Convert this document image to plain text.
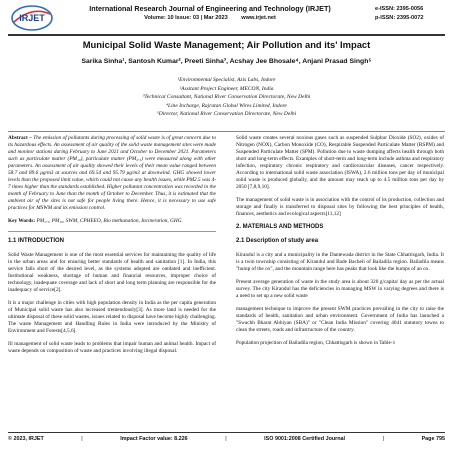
IRJET
International Research Journal of Engineering and Technology (IRJET)
Volume: 10 Issue: 03 | Mar 2023 www.irjet.net
e-ISSN: 2395-0056
p-ISSN: 2395-0072
Municipal Solid Waste Management; Air Pollution and its' Impact
Sarika Sinha¹, Santosh Kumar², Preeti Sinha³, Acshay Jee Bhosale⁴, Anjani Prasad Singh⁵
¹Environmental Specialist, Azis Labs, Indore
²Assitant Project Engineer, MECON, India
³Technical Consultant, National River Conservation Directorate, New Delhi
⁴Line Incharge, Rajratan Global Wires Limited, Indore
⁵Director, National River Conservation Directorate, New Delhi

Abstract – The emission of pollutants during processing of solid waste is of great concern due to its hazardous effects. An assessment of air quality of the solid waste management sites were made and monitor stations during February to June 2021 and October to December 2021. Parameters such as particulate matter (PM₁₀), particulate matter (PM₂.₅) were measured along with other parameters. An assessment of air quality showed their levels of their mean value ranged between 58.7 and 89.6 μg/m3 at sources and 69.54 and 95.79 μg/m3 at downwind. GHG showed lower levels than the proposed limit value, which could not cause any health issues, while PM2.5 was 4-7 times higher than the standards established. Higher pollutant concentration was recorded in the month of February to June than the month of October to December. Thus, it is estimated that the ambient air of the sites is not safe for people living there. Hence, it is necessary to use safe practices for MSWM and its emission control.

Key Words: PM₂.₅, PM₁₀, SWM, CPHEEO, Bio methanation, Incineration, GHG.

1.1 INTRODUCTION

Solid Waste Management is one of the most essential services for maintaining the quality of life in the urban areas and for ensuring better standards of health and sanitation [1]. In India, this service falls short of the desired level, as the systems adopted are outdated and inefficient. Institutional weakness, shortage of human and financial resources, improper choice of technology, inadequate coverage and lack of short and long term planning are responsible for the inadequacy of service[2].

It is a major challenge in cities with high population density in India as the per capita generation of Municipal solid waste has also increased tremendously[3]. As more land is needed for the ultimate disposal of these solid wastes, issues related to disposal have become highly challenging. The waste Management and Handling Rules in India were introduced by the Ministry of Environment and Forests[4,5,6].

Ill management of solid waste leads to problems that impair human and animal health. Impact of waste depends on composition of waste and practices involving illegal disposal.

Solid waste creates several noxious gases such as suspended Sulphur Dioxide (SO2), oxides of Nitrogen (NOX), Carbon Monoxide (CO), Respirable Suspended Particulate Matter (RSPM) and Suspended Particulate Matter (SPM). Pollution due to waste dumping affects health through both short and long-term effects. Examples of short-term and long-term include asthma and respiratory infection, respiratory chronic respiratory and cardiovascular diseases, cancer respectively. According to international solid waste association (ISWA), 2.6 million tons per day of municipal solid waste is produced globally, and the amount may reach up to 4.5 million tons per day by 2050 [7,8,9,10].

The management of solid waste is in association with the control of its production, collection and storage and finally is transferred to disposal sites by following the best principles of health, finances, aesthetics and ecological aspects[11,12]

2. MATERIALS AND METHODS
2.1 Description of study area

Kirandul is a city and a municipality in the Dantewada district in the State Chhattisgarh, India. It is a twin township consisting of Kirandul and Bade Bacheli of Bailadila region. Bailadila means "hump of the ox", and the mountain range here has peaks that look like the humps of an ox.

Present average generation of waste in the study area is about 320 g/capita/ day as per the actual survey. The city Kirandul has the deficiencies in managing MSW in varying degrees and there is a need to set up a new solid waste

management technique to improve the present SWM practices prevailing in the city to raise the standards of health, sanitation and urban environment. Government of India has launched a "Swachh Bharat Abhiyan (SBA)" or "Clean India Mission" covering 4041 statutory towns to clean the streets, roads and infrastructure of the country.

Population projection of Bailadila region, Chhattisgarh is shown in Table-1

© 2023, IRJET	|	Impact Factor value: 8.226	|	ISO 9001:2008 Certified Journal	|	Page 795
